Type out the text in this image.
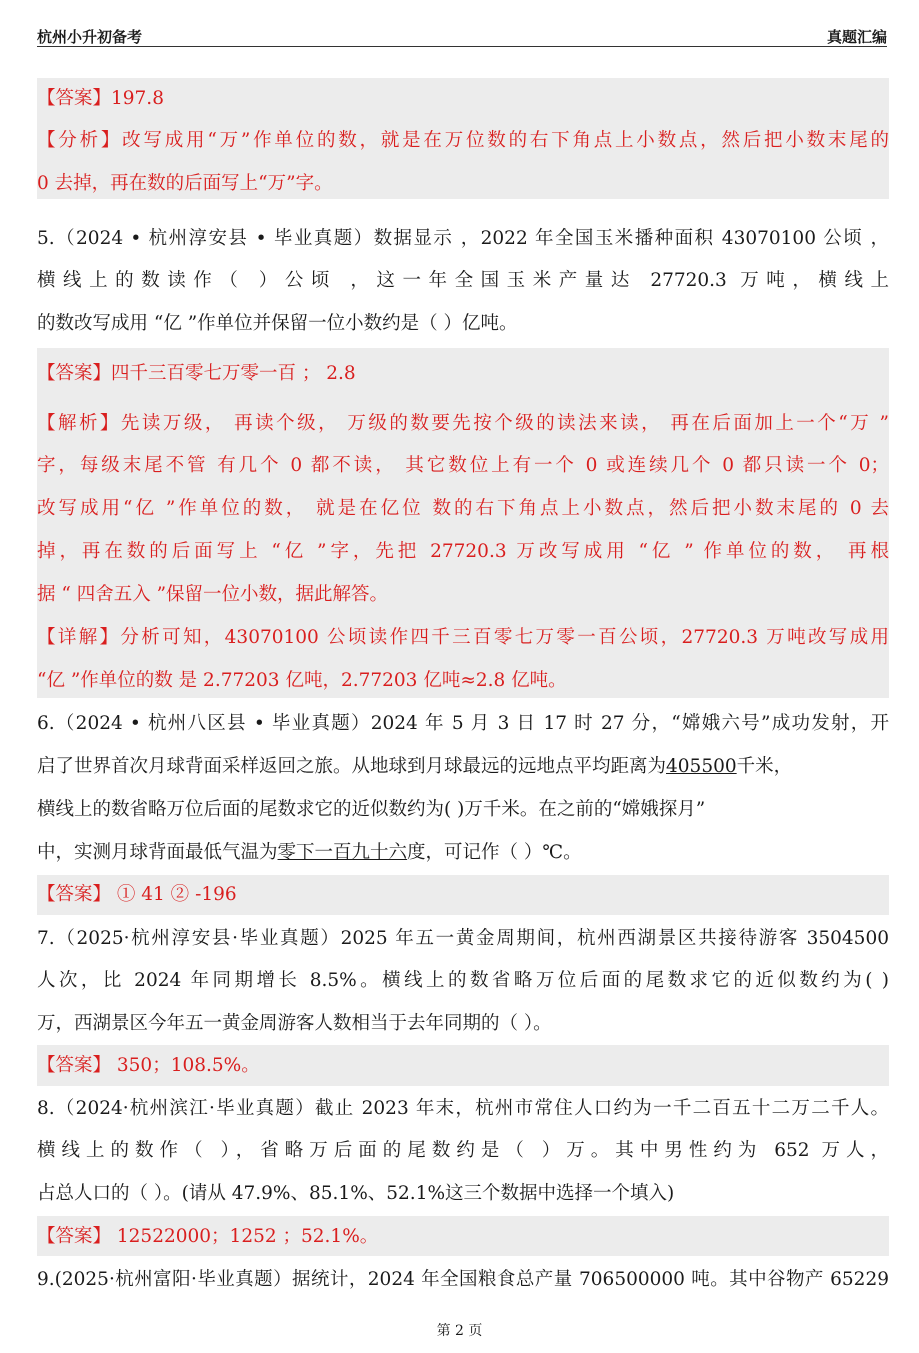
杭州小升初备考	真题汇编
【答案】197.8
【分析】改写成用“万”作单位的数，就是在万位数的右下角点上小数点，然后把小数末尾的
0 去掉，再在数的后面写上“万”字。
5.（2024 • 杭州淳安县 • 毕业真题）数据显示 ，2022 年全国玉米播种面积 43070100 公顷 ，
横线上的数读作（ ）公顷 ，这一年全国玉米产量达 27720.3 万吨，横线上
的数改写成用 “亿 ”作单位并保留一位小数约是（ ）亿吨。
【答案】四千三百零七万零一百 ； 2.8
【解析】先读万级， 再读个级， 万级的数要先按个级的读法来读， 再在后面加上一个“万 ”
字，每级末尾不管 有几个 0 都不读， 其它数位上有一个 0 或连续几个 0 都只读一个 0；
改写成用“亿 ”作单位的数， 就是在亿位 数的右下角点上小数点，然后把小数末尾的 0 去
掉，再在数的后面写上 “亿 ”字，先把 27720.3 万改写成用 “亿 ” 作单位的数， 再根
据 “ 四舍五入 ”保留一位小数，据此解答。
【详解】分析可知，43070100 公顷读作四千三百零七万零一百公顷，27720.3 万吨改写成用
“亿 ”作单位的数 是 2.77203 亿吨，2.77203 亿吨≈2.8 亿吨。
6.（2024 • 杭州八区县 • 毕业真题）2024 年 5 月 3 日 17 时 27 分，“嫦娥六号”成功发射，开
启了世界首次月球背面采样返回之旅。从地球到月球最远的远地点平均距离为405500千米，
横线上的数省略万位后面的尾数求它的近似数约为( )万千米。在之前的“嫦娥探月”
中，实测月球背面最低气温为零下一百九十六度，可记作（ ）℃。
【答案】 ① 41 ② -196
7.（2025·杭州淳安县·毕业真题）2025 年五一黄金周期间，杭州西湖景区共接待游客 3504500
人次，比 2024 年同期增长 8.5%。横线上的数省略万位后面的尾数求它的近似数约为( )
万，西湖景区今年五一黄金周游客人数相当于去年同期的（ ）。
【答案】 350；108.5%。
8.（2024·杭州滨江·毕业真题）截止 2023 年末，杭州市常住人口约为一千二百五十二万二千人。
横线上的数作（ ），省略万后面的尾数约是（ ）万。其中男性约为 652 万人，
占总人口的（ ）。(请从 47.9%、85.1%、52.1%这三个数据中选择一个填入)
【答案】 12522000；1252 ；52.1%。
9.(2025·杭州富阳·毕业真题）据统计，2024 年全国粮食总产量 706500000 吨。其中谷物产 65229
第 2 页
